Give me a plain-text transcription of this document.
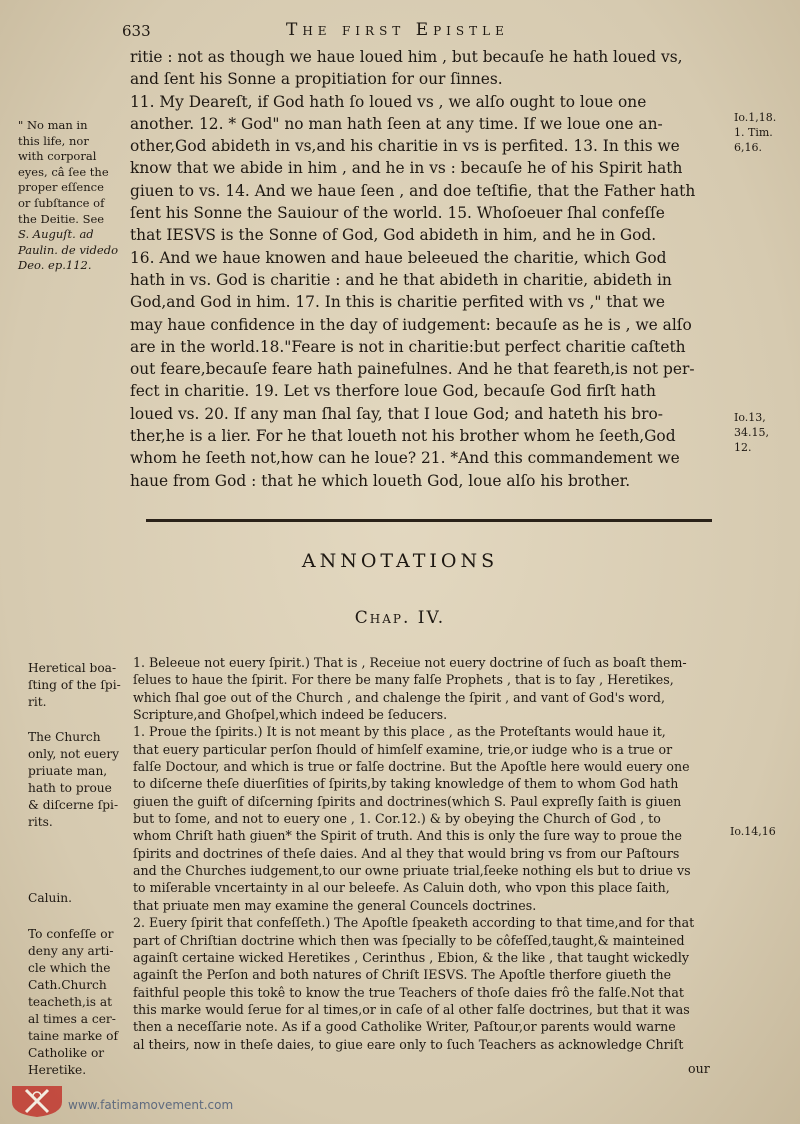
633	The first Epistle
" No man in
this life, nor
with corporal
eyes, câ ſee the
proper eſſence
or ſubſtance of
the Deitie. See
S. Auguſt. ad
Paulin. de videdo
Deo. ep.112.
ritie : not as though we haue loued him , but becauſe he hath loued vs,
and ſent his Sonne a propitiation for our ſinnes.
11. My Deareſt, if God hath ſo loued vs , we alſo ought to loue one
another. 12. * God" no man hath ſeen at any time. If we loue one an-
other,God abideth in vs,and his charitie in vs is perfited. 13. In this we
know that we abide in him , and he in vs : becauſe he of his Spirit hath
giuen to vs. 14. And we haue ſeen , and doe teſtifie, that the Father hath
ſent his Sonne the Sauiour of the world. 15. Whoſoeuer ſhal confeſſe
that IESVS is the Sonne of God, God abideth in him, and he in God.
16. And we haue knowen and haue beleeued the charitie, which God
hath in vs. God is charitie : and he that abideth in charitie, abideth in
God,and God in him. 17. In this is charitie perfited with vs ," that we
may haue confidence in the day of iudgement: becauſe as he is , we alſo
are in the world.18."Feare is not in charitie:but perfect charitie caſteth
out feare,becauſe feare hath painefulnes. And he that feareth,is not per-
fect in charitie. 19. Let vs therfore loue God, becauſe God firſt hath
loued vs. 20. If any man ſhal ſay, that I loue God; and hateth his bro-
ther,he is a lier. For he that loueth not his brother whom he ſeeth,God
whom he ſeeth not,how can he loue? 21. *And this commandement we
haue from God : that he which loueth God, loue alſo his brother.
Io.1,18.
1. Tim.
6,16.
Io.13,
34.15,
12.
Io.14,16
ANNOTATIONS
Chap. IV.
Heretical boa-
ſting of the ſpi-
rit.
The Church
only, not euery
priuate man,
hath to proue
& diſcerne ſpi-
rits.
Caluin.
To confeſſe or
deny any arti-
cle which the
Cath.Church
teacheth,is at
al times a cer-
taine marke of
Catholike or
Heretike.
1. Beleeue not euery ſpirit.) That is , Receiue not euery doctrine of ſuch as boaſt them-
ſelues to haue the ſpirit. For there be many falſe Prophets , that is to ſay , Heretikes,
which ſhal goe out of the Church , and chalenge the ſpirit , and vant of God's word,
Scripture,and Ghoſpel,which indeed be ſeducers.
1. Proue the ſpirits.) It is not meant by this place , as the Proteſtants would haue it,
that euery particular perſon ſhould of himſelf examine, trie,or iudge who is a true or
falſe Doctour, and which is true or falſe doctrine. But the Apoſtle here would euery one
to diſcerne theſe diuerſities of ſpirits,by taking knowledge of them to whom God hath
giuen the guift of diſcerning ſpirits and doctrines(which S. Paul expreſly ſaith is giuen
but to ſome, and not to euery one , 1. Cor.12.) & by obeying the Church of God , to
whom Chriſt hath giuen* the Spirit of truth. And this is only the ſure way to proue the
ſpirits and doctrines of theſe daies. And al they that would bring vs from our Paſtours
and the Churches iudgement,to our owne priuate trial,ſeeke nothing els but to driue vs
to miſerable vncertainty in al our beleefe. As Caluin doth, who vpon this place ſaith,
that priuate men may examine the general Councels doctrines.
2. Euery ſpirit that confeſſeth.) The Apoſtle ſpeaketh according to that time,and for that
part of Chriſtian doctrine which then was ſpecially to be côfeſſed,taught,& mainteined
againſt certaine wicked Heretikes , Cerinthus , Ebion, & the like , that taught wickedly
againſt the Perſon and both natures of Chriſt IESVS. The Apoſtle therfore giueth the
faithful people this tokê to know the true Teachers of thoſe daies frô the falſe.Not that
this marke would ſerue for al times,or in caſe of al other falſe doctrines, but that it was
then a neceſſarie note. As if a good Catholike Writer, Paſtour,or parents would warne
al theirs, now in theſe daies, to giue eare only to ſuch Teachers as acknowledge Chriſt
our
www.fatimamovement.com
